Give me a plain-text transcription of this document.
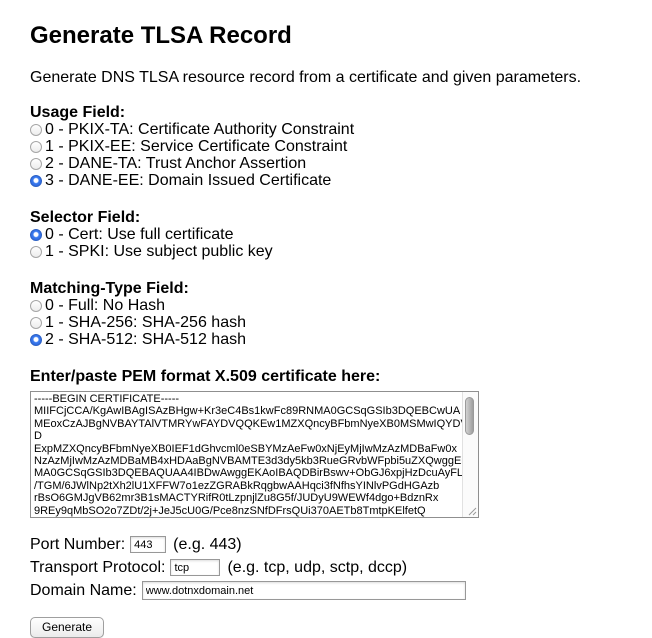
Generate TLSA Record

Generate DNS TLSA resource record from a certificate and given parameters.

Usage Field:
0 - PKIX-TA: Certificate Authority Constraint
1 - PKIX-EE: Service Certificate Constraint
2 - DANE-TA: Trust Anchor Assertion
3 - DANE-EE: Domain Issued Certificate
Selector Field:
0 - Cert: Use full certificate
1 - SPKI: Use subject public key
Matching-Type Field:
0 - Full: No Hash
1 - SHA-256: SHA-256 hash
2 - SHA-512: SHA-512 hash
Enter/paste PEM format X.509 certificate here:
-----BEGIN CERTIFICATE----- MIIFCjCCA/KgAwIBAgISAzBHgw+Kr3eC4Bs1kwFc89RNMA0GCSqGSIb3DQEBCwUA MEoxCzAJBgNVBAYTAlVTMRYwFAYDVQQKEw1MZXQncyBFbmNyeXB0MSMwIQYDVQQ D ExpMZXQncyBFbmNyeXB0IEF1dGhvcml0eSBYMzAeFw0xNjEyMjIwMzAzMDBaFw0x NzAzMjIwMzAzMDBaMB4xHDAaBgNVBAMTE3d3dy5kb3RueGRvbWFpbi5uZXQwggEi MA0GCSqGSIb3DQEBAQUAA4IBDwAwggEKAoIBAQDBirBswv+ObGJ6xpjHzDcuAyFL /TGM/6JWlNp2tXh2lU1XFFW7o1ezZGRABkRqgbwAAHqci3fNfhsYINlvPGdHGAzb rBsO6GMJgVB62mr3B1sMACTYRifR0tLzpnjlZu8G5f/JUDyU9WEWf4dgo+BdznRx 9REy9qMbSO2o7ZDt/2j+JeJ5cU0G/Pce8nzSNfDFrsQUi370AETb8TmtpKElfetQ
Port Number:
443	(e.g. 443)
Transport Protocol:
tcp	(e.g. tcp, udp, sctp, dccp)
Domain Name:
www.dotnxdomain.net
Generate
